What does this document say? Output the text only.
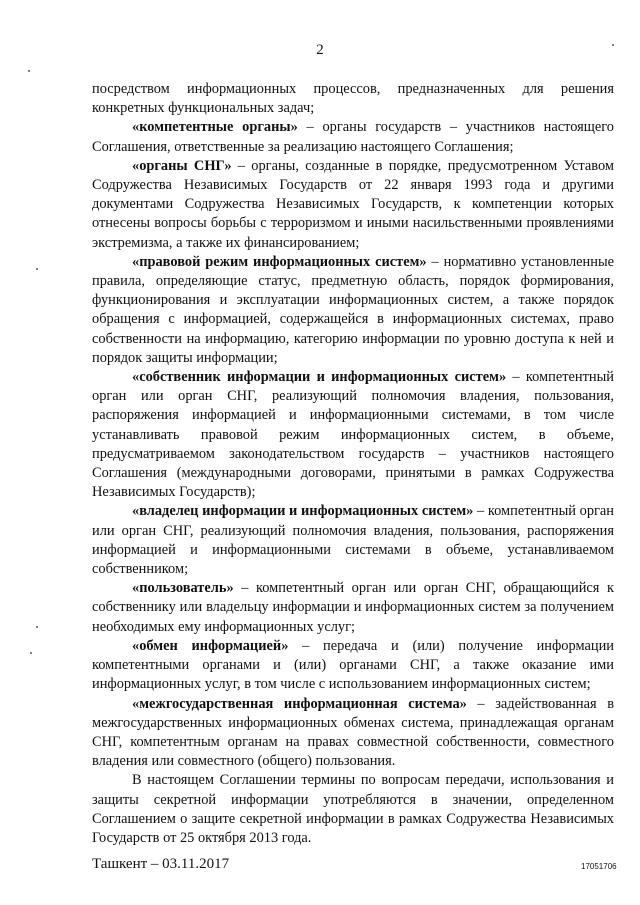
2

посредством информационных процессов, предназначенных для решения конкретных функциональных задач;

«компетентные органы» – органы государств – участников настоящего Соглашения, ответственные за реализацию настоящего Соглашения;

«органы СНГ» – органы, созданные в порядке, предусмотренном Уставом Содружества Независимых Государств от 22 января 1993 года и другими документами Содружества Независимых Государств, к компетенции которых отнесены вопросы борьбы с терроризмом и иными насильственными проявлениями экстремизма, а также их финансированием;

«правовой режим информационных систем» – нормативно установленные правила, определяющие статус, предметную область, порядок формирования, функционирования и эксплуатации информационных систем, а также порядок обращения с информацией, содержащейся в информационных системах, право собственности на информацию, категорию информации по уровню доступа к ней и порядок защиты информации;

«собственник информации и информационных систем» – компетентный орган или орган СНГ, реализующий полномочия владения, пользования, распоряжения информацией и информационными системами, в том числе устанавливать правовой режим информационных систем, в объеме, предусматриваемом законодательством государств – участников настоящего Соглашения (международными договорами, принятыми в рамках Содружества Независимых Государств);

«владелец информации и информационных систем» – компетентный орган или орган СНГ, реализующий полномочия владения, пользования, распоряжения информацией и информационными системами в объеме, устанавливаемом собственником;

«пользователь» – компетентный орган или орган СНГ, обращающийся к собственнику или владельцу информации и информационных систем за получением необходимых ему информационных услуг;

«обмен информацией» – передача и (или) получение информации компетентными органами и (или) органами СНГ, а также оказание ими информационных услуг, в том числе с использованием информационных систем;

«межгосударственная информационная система» – задействованная в межгосударственных информационных обменах система, принадлежащая органам СНГ, компетентным органам на правах совместной собственности, совместного владения или совместного (общего) пользования.

В настоящем Соглашении термины по вопросам передачи, использования и защиты секретной информации употребляются в значении, определенном Соглашением о защите секретной информации в рамках Содружества Независимых Государств от 25 октября 2013 года.

Ташкент – 03.11.2017	17051706
